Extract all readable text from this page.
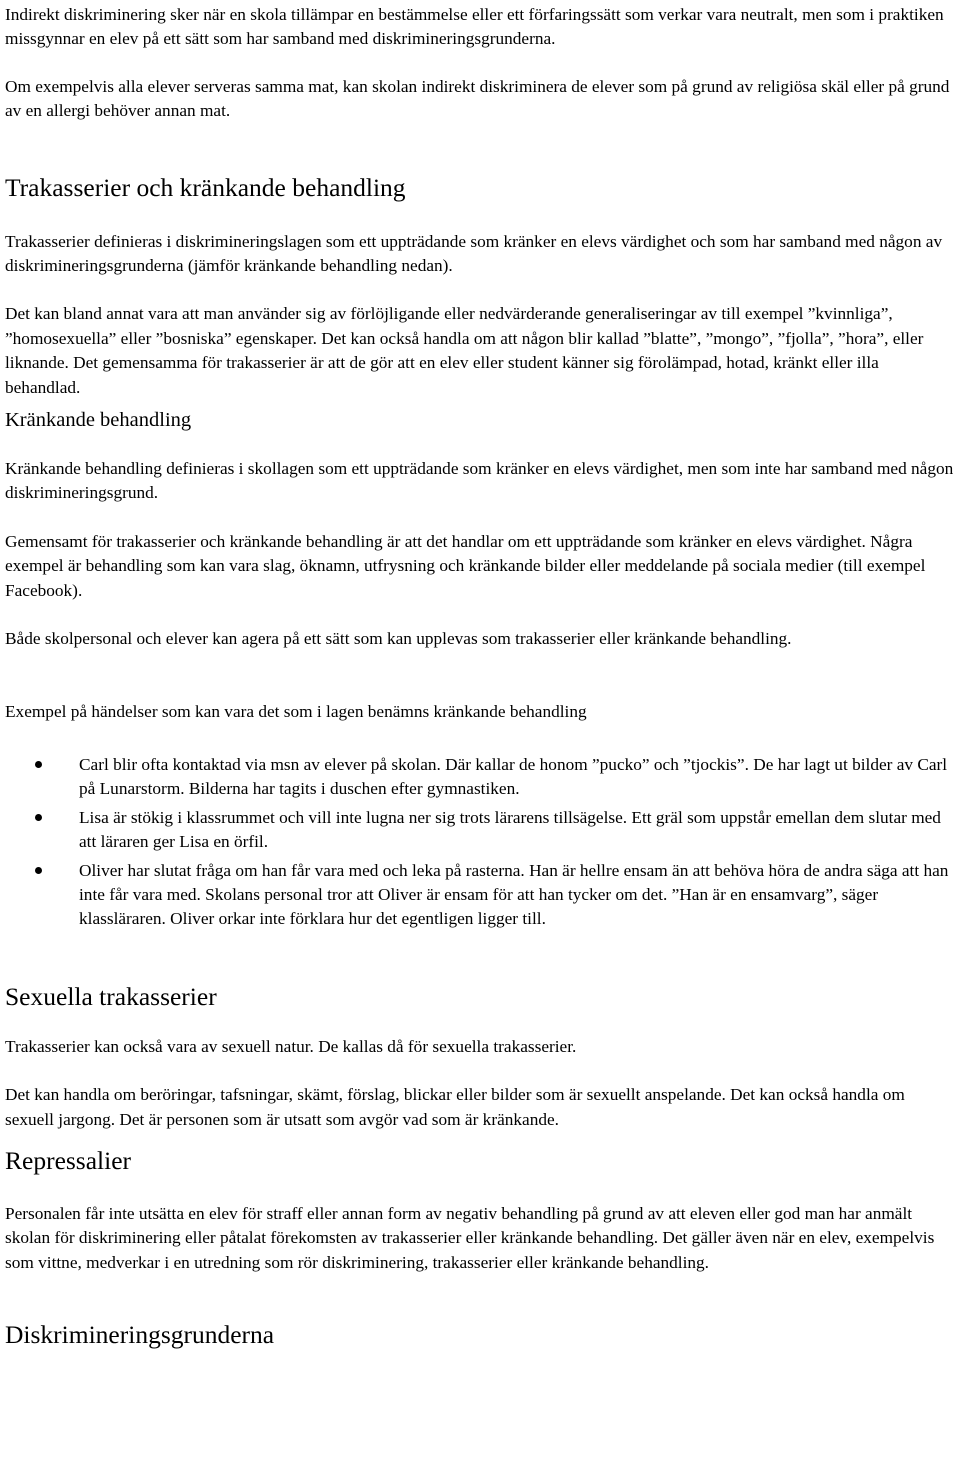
Indirekt diskriminering sker när en skola tillämpar en bestämmelse eller ett förfaringssätt som verkar vara neutralt, men som i praktiken missgynnar en elev på ett sätt som har samband med diskrimineringsgrunderna.

Om exempelvis alla elever serveras samma mat, kan skolan indirekt diskriminera de elever som på grund av religiösa skäl eller på grund av en allergi behöver annan mat.

Trakasserier och kränkande behandling

Trakasserier definieras i diskrimineringslagen som ett uppträdande som kränker en elevs värdighet och som har samband med någon av diskrimineringsgrunderna (jämför kränkande behandling nedan).

Det kan bland annat vara att man använder sig av förlöjligande eller nedvärderande generaliseringar av till exempel ”kvinnliga”, ”homosexuella” eller ”bosniska” egenskaper. Det kan också handla om att någon blir kallad ”blatte”, ”mongo”, ”fjolla”, ”hora”, eller liknande. Det gemensamma för trakasserier är att de gör att en elev eller student känner sig förolämpad, hotad, kränkt eller illa behandlad.

Kränkande behandling

Kränkande behandling definieras i skollagen som ett uppträdande som kränker en elevs värdighet, men som inte har samband med någon diskrimineringsgrund.

Gemensamt för trakasserier och kränkande behandling är att det handlar om ett uppträdande som kränker en elevs värdighet. Några exempel är behandling som kan vara slag, öknamn, utfrysning och kränkande bilder eller meddelande på sociala medier (till exempel Facebook).

Både skolpersonal och elever kan agera på ett sätt som kan upplevas som trakasserier eller kränkande behandling.

Exempel på händelser som kan vara det som i lagen benämns kränkande behandling

Carl blir ofta kontaktad via msn av elever på skolan. Där kallar de honom ”pucko” och ”tjockis”. De har lagt ut bilder av Carl på Lunarstorm. Bilderna har tagits i duschen efter gymnastiken.
Lisa är stökig i klassrummet och vill inte lugna ner sig trots lärarens tillsägelse. Ett gräl som uppstår emellan dem slutar med att läraren ger Lisa en örfil.
Oliver har slutat fråga om han får vara med och leka på rasterna. Han är hellre ensam än att behöva höra de andra säga att han inte får vara med. Skolans personal tror att Oliver är ensam för att han tycker om det. ”Han är en ensamvarg”, säger klassläraren. Oliver orkar inte förklara hur det egentligen ligger till.
Sexuella trakasserier

Trakasserier kan också vara av sexuell natur. De kallas då för sexuella trakasserier.

Det kan handla om beröringar, tafsningar, skämt, förslag, blickar eller bilder som är sexuellt anspelande. Det kan också handla om sexuell jargong. Det är personen som är utsatt som avgör vad som är kränkande.

Repressalier

Personalen får inte utsätta en elev för straff eller annan form av negativ behandling på grund av att eleven eller god man har anmält skolan för diskriminering eller påtalat förekomsten av trakasserier eller kränkande behandling. Det gäller även när en elev, exempelvis som vittne, medverkar i en utredning som rör diskriminering, trakasserier eller kränkande behandling.

Diskrimineringsgrunderna
